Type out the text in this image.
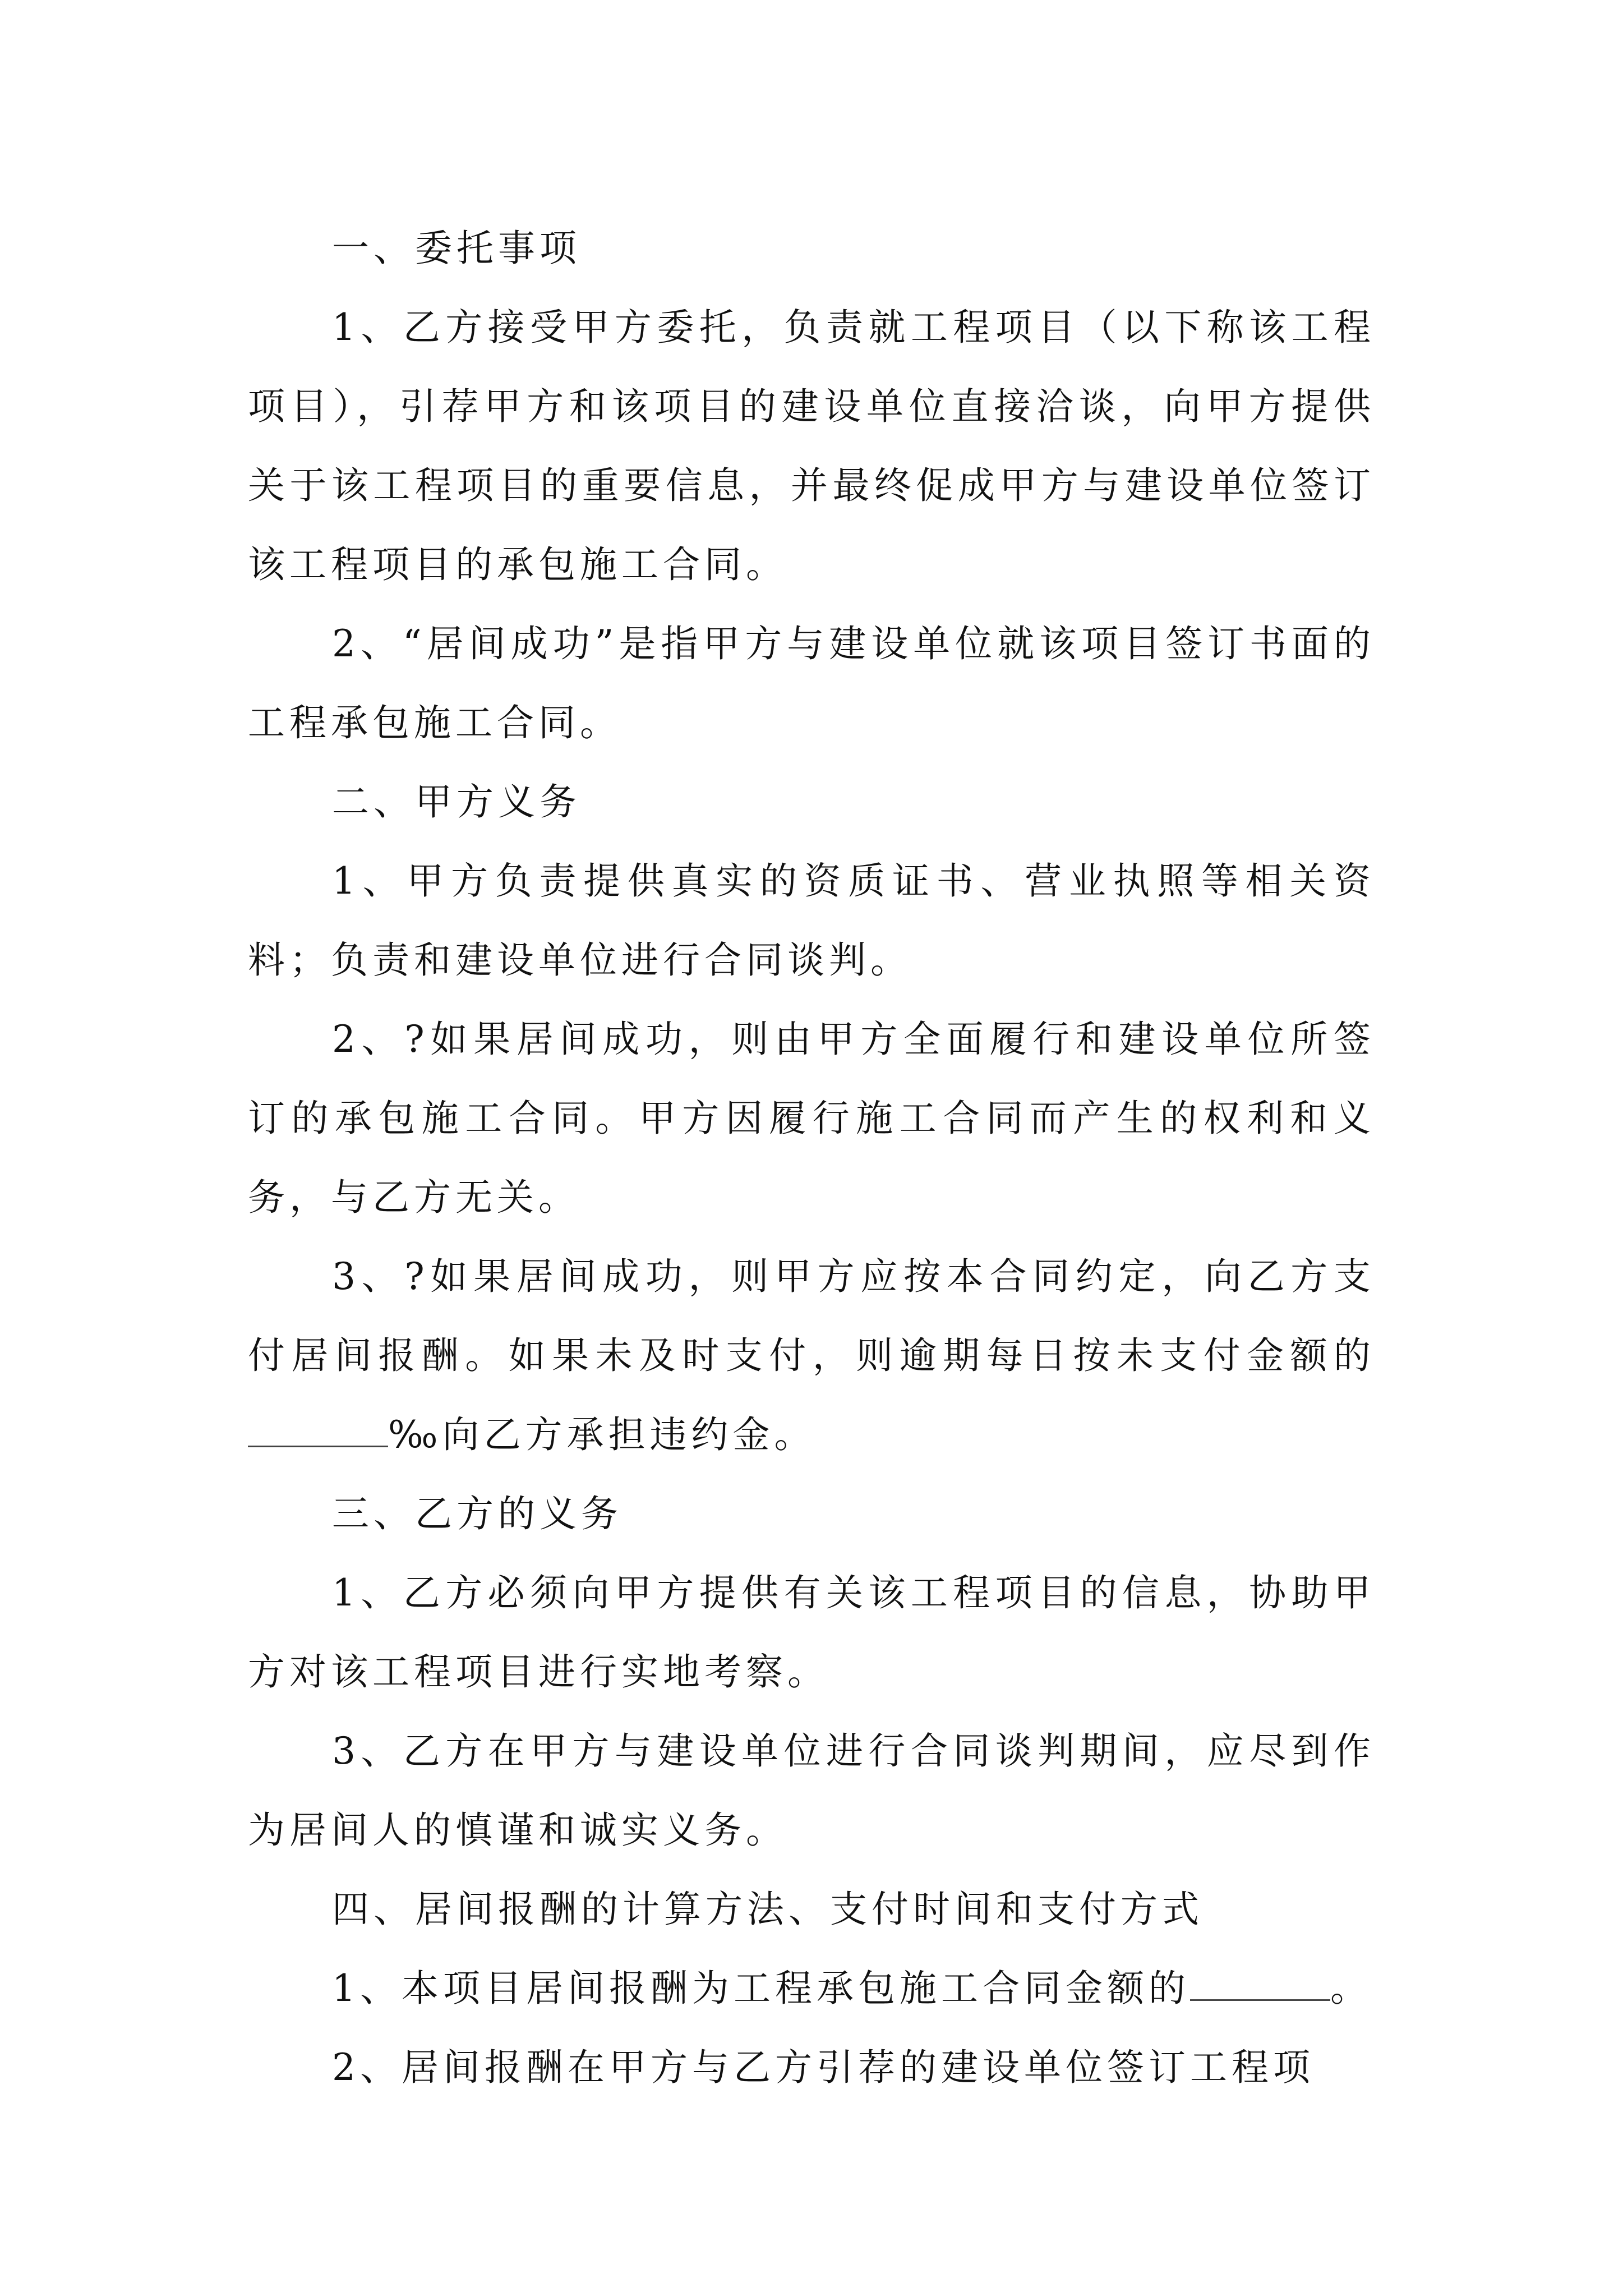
一、委托事项

1、乙方接受甲方委托，负责就工程项目（以下称该工程项目），引荐甲方和该项目的建设单位直接洽谈，向甲方提供关于该工程项目的重要信息，并最终促成甲方与建设单位签订该工程项目的承包施工合同。

2、“居间成功”是指甲方与建设单位就该项目签订书面的工程承包施工合同。

二、甲方义务

1、甲方负责提供真实的资质证书、营业执照等相关资料；负责和建设单位进行合同谈判。

2、?如果居间成功，则由甲方全面履行和建设单位所签订的承包施工合同。甲方因履行施工合同而产生的权利和义务，与乙方无关。

3、?如果居间成功，则甲方应按本合同约定，向乙方支付居间报酬。如果未及时支付，则逾期每日按未支付金额的‰向乙方承担违约金。

三、乙方的义务

1、乙方必须向甲方提供有关该工程项目的信息，协助甲方对该工程项目进行实地考察。

3、乙方在甲方与建设单位进行合同谈判期间，应尽到作为居间人的慎谨和诚实义务。

四、居间报酬的计算方法、支付时间和支付方式

1、本项目居间报酬为工程承包施工合同金额的	。

2、居间报酬在甲方与乙方引荐的建设单位签订工程项
